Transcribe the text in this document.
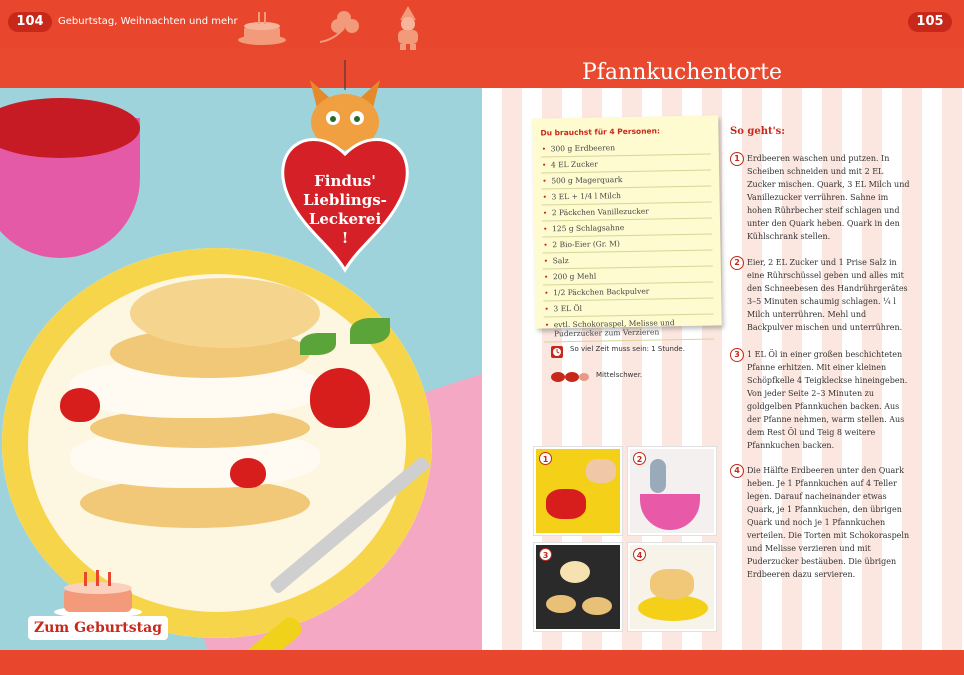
104	Geburtstag, Weihnachten und mehr	105
Findus'
Lieblings-
Leckerei
!
Zum Geburtstag
Pfannkuchentorte
Du brauchst für 4 Personen:
• 300 g Erdbeeren
• 4 EL Zucker
• 500 g Magerquark
• 3 EL + 1/4 l Milch
• 2 Päckchen Vanillezucker
• 125 g Schlagsahne
• 2 Bio-Eier (Gr. M)
• Salz
• 200 g Mehl
• 1/2 Päckchen Backpulver
• 3 EL Öl
• evtl. Schokoraspel, Melisse und Puderzucker zum Verzieren
So viel Zeit muss sein: 1 Stunde.
Mittelschwer.
So geht's:
1 Erdbeeren waschen und putzen. In Scheiben schneiden und mit 2 EL Zucker mischen. Quark, 3 EL Milch und Vanillezucker verrühren. Sahne im hohen Rührbecher steif schlagen und unter den Quark heben. Quark in den Kühlschrank stellen.
2 Eier, 2 EL Zucker und 1 Prise Salz in eine Rührschüssel geben und alles mit den Schneebesen des Handrührgerätes 3–5 Minuten schaumig schlagen. ¼ l Milch unterrühren. Mehl und Backpulver mischen und unterrühren.
3 1 EL Öl in einer großen beschichteten Pfanne erhitzen. Mit einer kleinen Schöpfkelle 4 Teigkleckse hineingeben. Von jeder Seite 2–3 Minuten zu goldgelben Pfannkuchen backen. Aus der Pfanne nehmen, warm stellen. Aus dem Rest Öl und Teig 8 weitere Pfannkuchen backen.
4 Die Hälfte Erdbeeren unter den Quark heben. Je 1 Pfannkuchen auf 4 Teller legen. Darauf nacheinander etwas Quark, je 1 Pfannkuchen, den übrigen Quark und noch je 1 Pfannkuchen verteilen. Die Torten mit Schokoraspeln und Melisse verzieren und mit Puderzucker bestäuben. Die übrigen Erdbeeren dazu servieren.
1	2
3	4
